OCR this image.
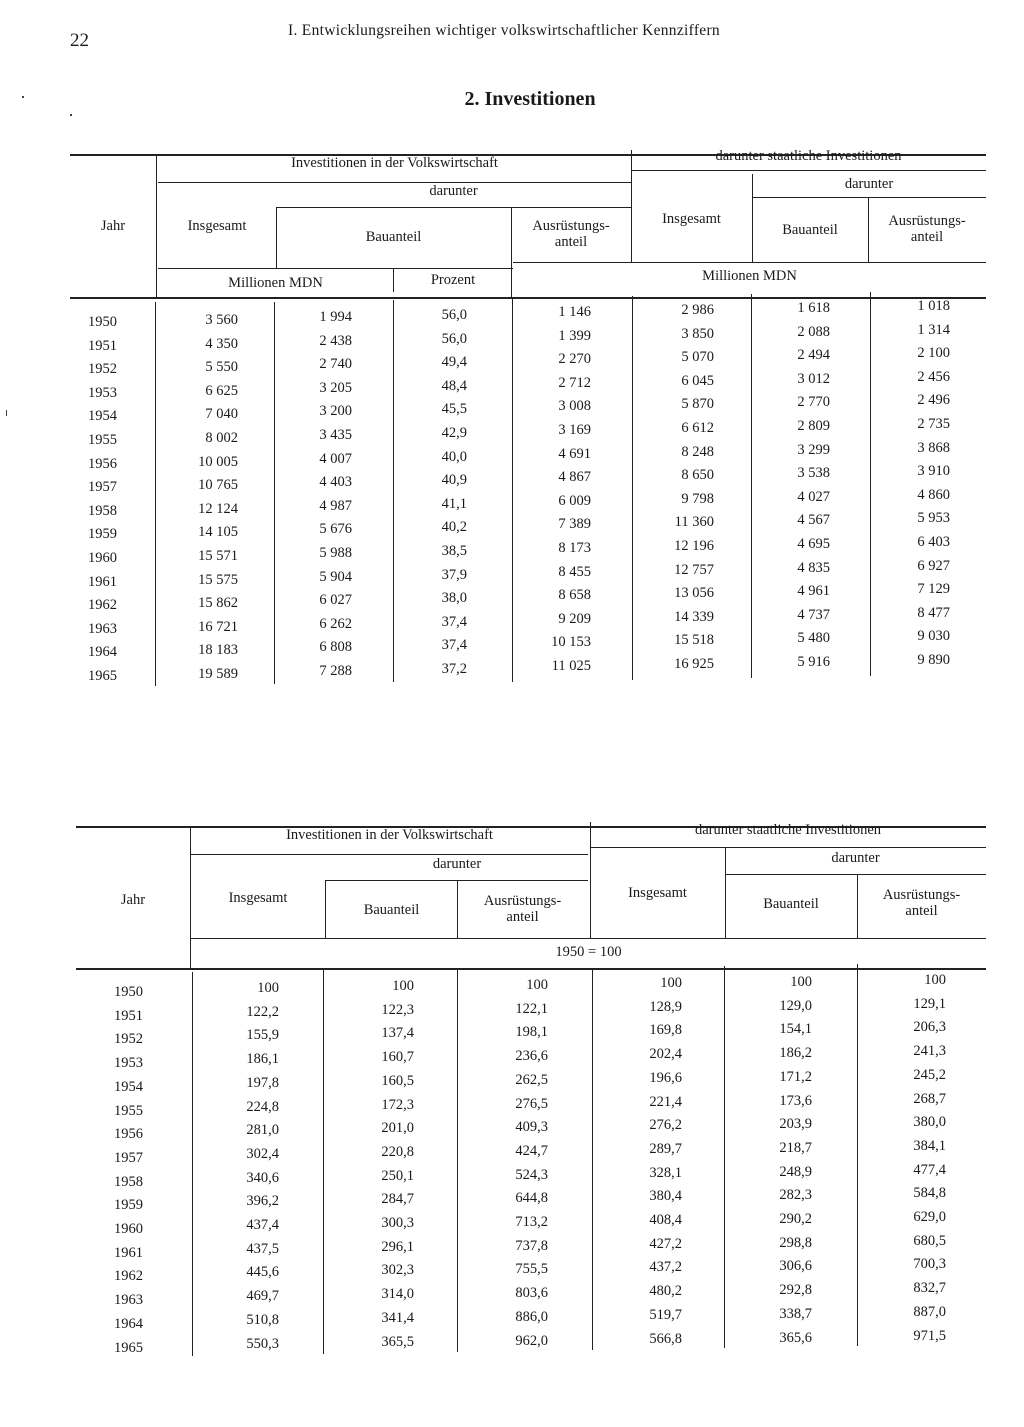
22	I. Entwicklungsreihen wichtiger volkswirtschaftlicher Kennziffern
2. Investitionen
Jahr
Investitionen in der Volkswirtschaft	darunter staatliche Investitionen
darunter	darunter
Insgesamt
Bauanteil
Ausrüstungs-
anteil
Insgesamt
Bauanteil
Ausrüstungs-
anteil
Millionen MDN	Prozent	Millionen MDN
1950	3 560	1 994	56,0	1 146	2 986	1 618	1 018
1951	4 350	2 438	56,0	1 399	3 850	2 088	1 314
1952	5 550	2 740	49,4	2 270	5 070	2 494	2 100
1953	6 625	3 205	48,4	2 712	6 045	3 012	2 456
1954	7 040	3 200	45,5	3 008	5 870	2 770	2 496
1955	8 002	3 435	42,9	3 169	6 612	2 809	2 735
1956	10 005	4 007	40,0	4 691	8 248	3 299	3 868
1957	10 765	4 403	40,9	4 867	8 650	3 538	3 910
1958	12 124	4 987	41,1	6 009	9 798	4 027	4 860
1959	14 105	5 676	40,2	7 389	11 360	4 567	5 953
1960	15 571	5 988	38,5	8 173	12 196	4 695	6 403
1961	15 575	5 904	37,9	8 455	12 757	4 835	6 927
1962	15 862	6 027	38,0	8 658	13 056	4 961	7 129
1963	16 721	6 262	37,4	9 209	14 339	4 737	8 477
1964	18 183	6 808	37,4	10 153	15 518	5 480	9 030
1965	19 589	7 288	37,2	11 025	16 925	5 916	9 890
Jahr
Investitionen in der Volkswirtschaft	darunter staatliche Investitionen
darunter	darunter
Insgesamt
Bauanteil
Ausrüstungs-
anteil
Insgesamt
Bauanteil
Ausrüstungs-
anteil
1950 = 100
1950	100	100	100	100	100	100
1951	122,2	122,3	122,1	128,9	129,0	129,1
1952	155,9	137,4	198,1	169,8	154,1	206,3
1953	186,1	160,7	236,6	202,4	186,2	241,3
1954	197,8	160,5	262,5	196,6	171,2	245,2
1955	224,8	172,3	276,5	221,4	173,6	268,7
1956	281,0	201,0	409,3	276,2	203,9	380,0
1957	302,4	220,8	424,7	289,7	218,7	384,1
1958	340,6	250,1	524,3	328,1	248,9	477,4
1959	396,2	284,7	644,8	380,4	282,3	584,8
1960	437,4	300,3	713,2	408,4	290,2	629,0
1961	437,5	296,1	737,8	427,2	298,8	680,5
1962	445,6	302,3	755,5	437,2	306,6	700,3
1963	469,7	314,0	803,6	480,2	292,8	832,7
1964	510,8	341,4	886,0	519,7	338,7	887,0
1965	550,3	365,5	962,0	566,8	365,6	971,5
